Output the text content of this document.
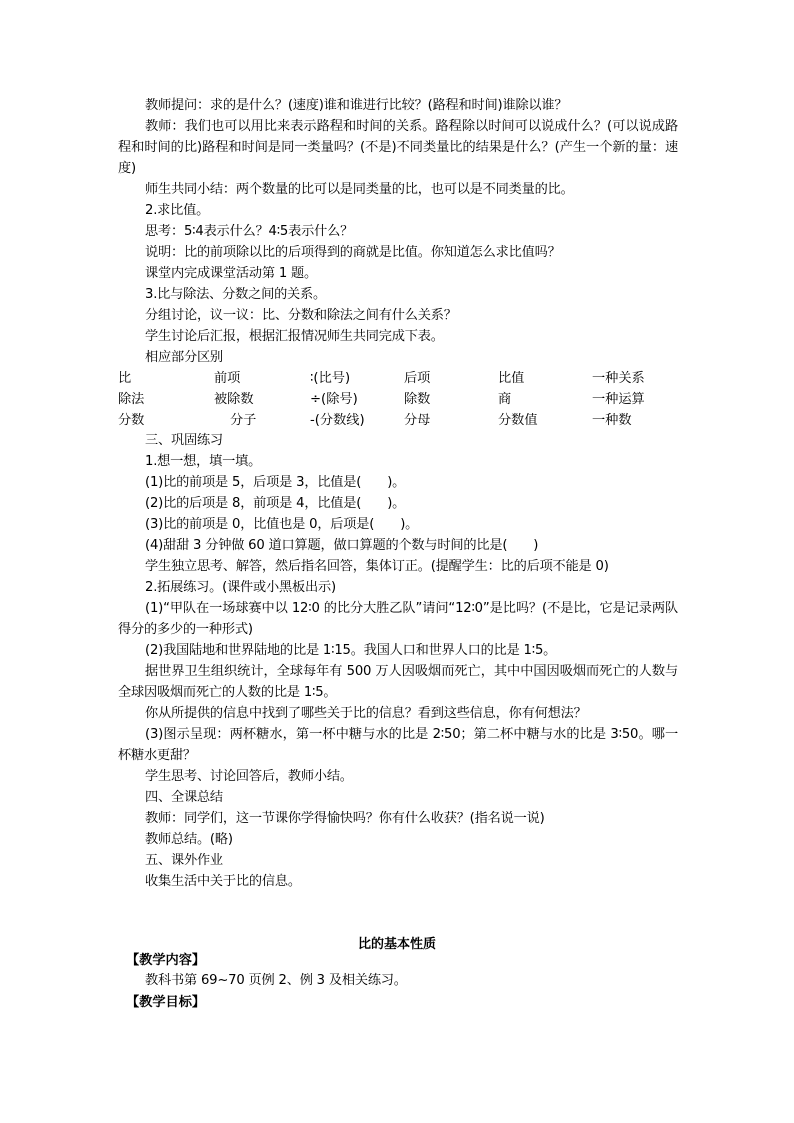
教师提问：求的是什么？(速度)谁和谁进行比较？(路程和时间)谁除以谁？
教师：我们也可以用比来表示路程和时间的关系。路程除以时间可以说成什么？(可以说成路程和时间的比)路程和时间是同一类量吗？(不是)不同类量比的结果是什么？(产生一个新的量：速度)
师生共同小结：两个数量的比可以是同类量的比，也可以是不同类量的比。
2.求比值。
思考：5∶4表示什么？4∶5表示什么？
说明：比的前项除以比的后项得到的商就是比值。你知道怎么求比值吗？
课堂内完成课堂活动第 1 题。
3.比与除法、分数之间的关系。
分组讨论，议一议：比、分数和除法之间有什么关系？
学生讨论后汇报，根据汇报情况师生共同完成下表。
相应部分区别
比	前项	∶(比号)	后项	比值	一种关系
除法	被除数	÷(除号)	除数	商	一种运算
分数	分子	-(分数线)	分母	分数值	一种数
三、巩固练习
1.想一想，填一填。
(1)比的前项是 5，后项是 3，比值是(　　)。
(2)比的后项是 8，前项是 4，比值是(　　)。
(3)比的前项是 0，比值也是 0，后项是(　　)。
(4)甜甜 3 分钟做 60 道口算题，做口算题的个数与时间的比是(　　)
学生独立思考、解答，然后指名回答，集体订正。(提醒学生：比的后项不能是 0)
2.拓展练习。(课件或小黑板出示)
(1)“甲队在一场球赛中以 12∶0 的比分大胜乙队”请问“12∶0”是比吗？(不是比，它是记录两队得分的多少的一种形式)
(2)我国陆地和世界陆地的比是 1∶15。我国人口和世界人口的比是 1∶5。
据世界卫生组织统计，全球每年有 500 万人因吸烟而死亡，其中中国因吸烟而死亡的人数与全球因吸烟而死亡的人数的比是 1∶5。
你从所提供的信息中找到了哪些关于比的信息？看到这些信息，你有何想法？
(3)图示呈现：两杯糖水，第一杯中糖与水的比是 2∶50；第二杯中糖与水的比是 3∶50。哪一杯糖水更甜？
学生思考、讨论回答后，教师小结。
四、全课总结
教师：同学们，这一节课你学得愉快吗？你有什么收获？(指名说一说)
教师总结。(略)
五、课外作业
收集生活中关于比的信息。
比的基本性质
【教学内容】
教科书第 69~70 页例 2、例 3 及相关练习。
【教学目标】
